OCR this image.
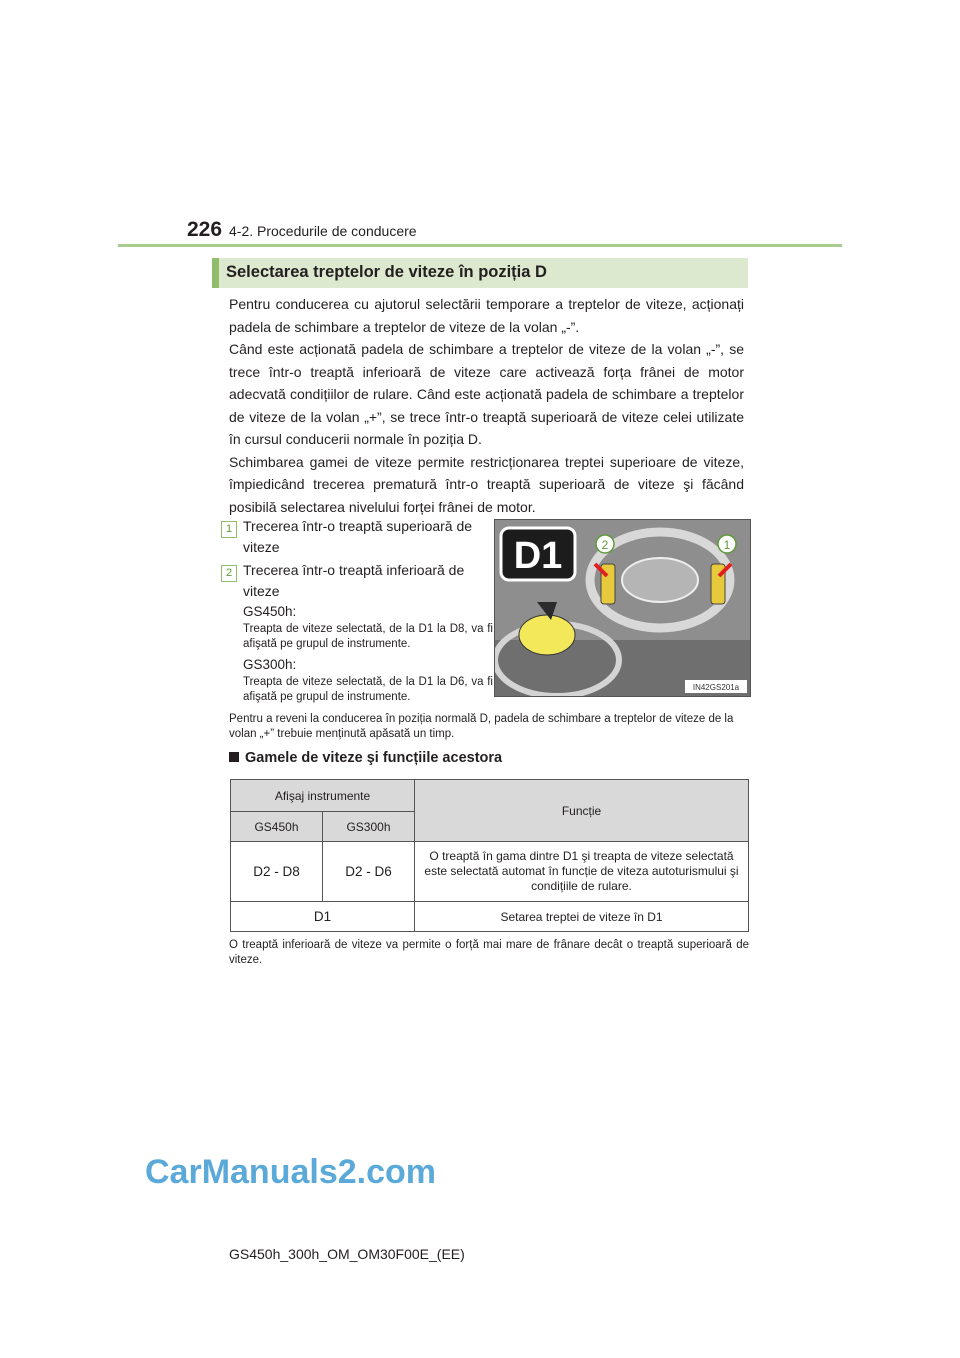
226 4-2. Procedurile de conducere
Selectarea treptelor de viteze în poziția D

Pentru conducerea cu ajutorul selectării temporare a treptelor de viteze, acționați padela de schimbare a treptelor de viteze de la volan „-”.

Când este acționată padela de schimbare a treptelor de viteze de la volan „-”, se trece într-o treaptă inferioară de viteze care activează forța frânei de motor adecvată condițiilor de rulare. Când este acționată padela de schimbare a treptelor de viteze de la volan „+”, se trece într-o treaptă superioară de viteze celei utilizate în cursul conducerii normale în poziția D.

Schimbarea gamei de viteze permite restricționarea treptei superioare de viteze, împiedicând trecerea prematură într-o treaptă superioară de viteze şi făcând posibilă selectarea nivelului forței frânei de motor.

1 Trecerea într-o treaptă superioară de viteze
2 Trecerea într-o treaptă inferioară de viteze
GS450h:
Treapta de viteze selectată, de la D1 la D8, va fi afişată pe grupul de instrumente.
GS300h:
Treapta de viteze selectată, de la D1 la D6, va fi afişată pe grupul de instrumente.
D1	2	1
IN42GS201a
Pentru a reveni la conducerea în poziția normală D, padela de schimbare a treptelor de viteze de la volan „+” trebuie menținută apăsată un timp.
Gamele de viteze şi funcțiile acestora
Afişaj instrumente		Funcție
GS450h	GS300h	
D2 - D8	D2 - D6	O treaptă în gama dintre D1 şi treapta de viteze selectată este selectată automat în funcție de viteza autoturismului şi condițiile de rulare.
D1		Setarea treptei de viteze în D1
O treaptă inferioară de viteze va permite o forță mai mare de frânare decât o treaptă superioară de viteze.
CarManuals2.com
GS450h_300h_OM_OM30F00E_(EE)
